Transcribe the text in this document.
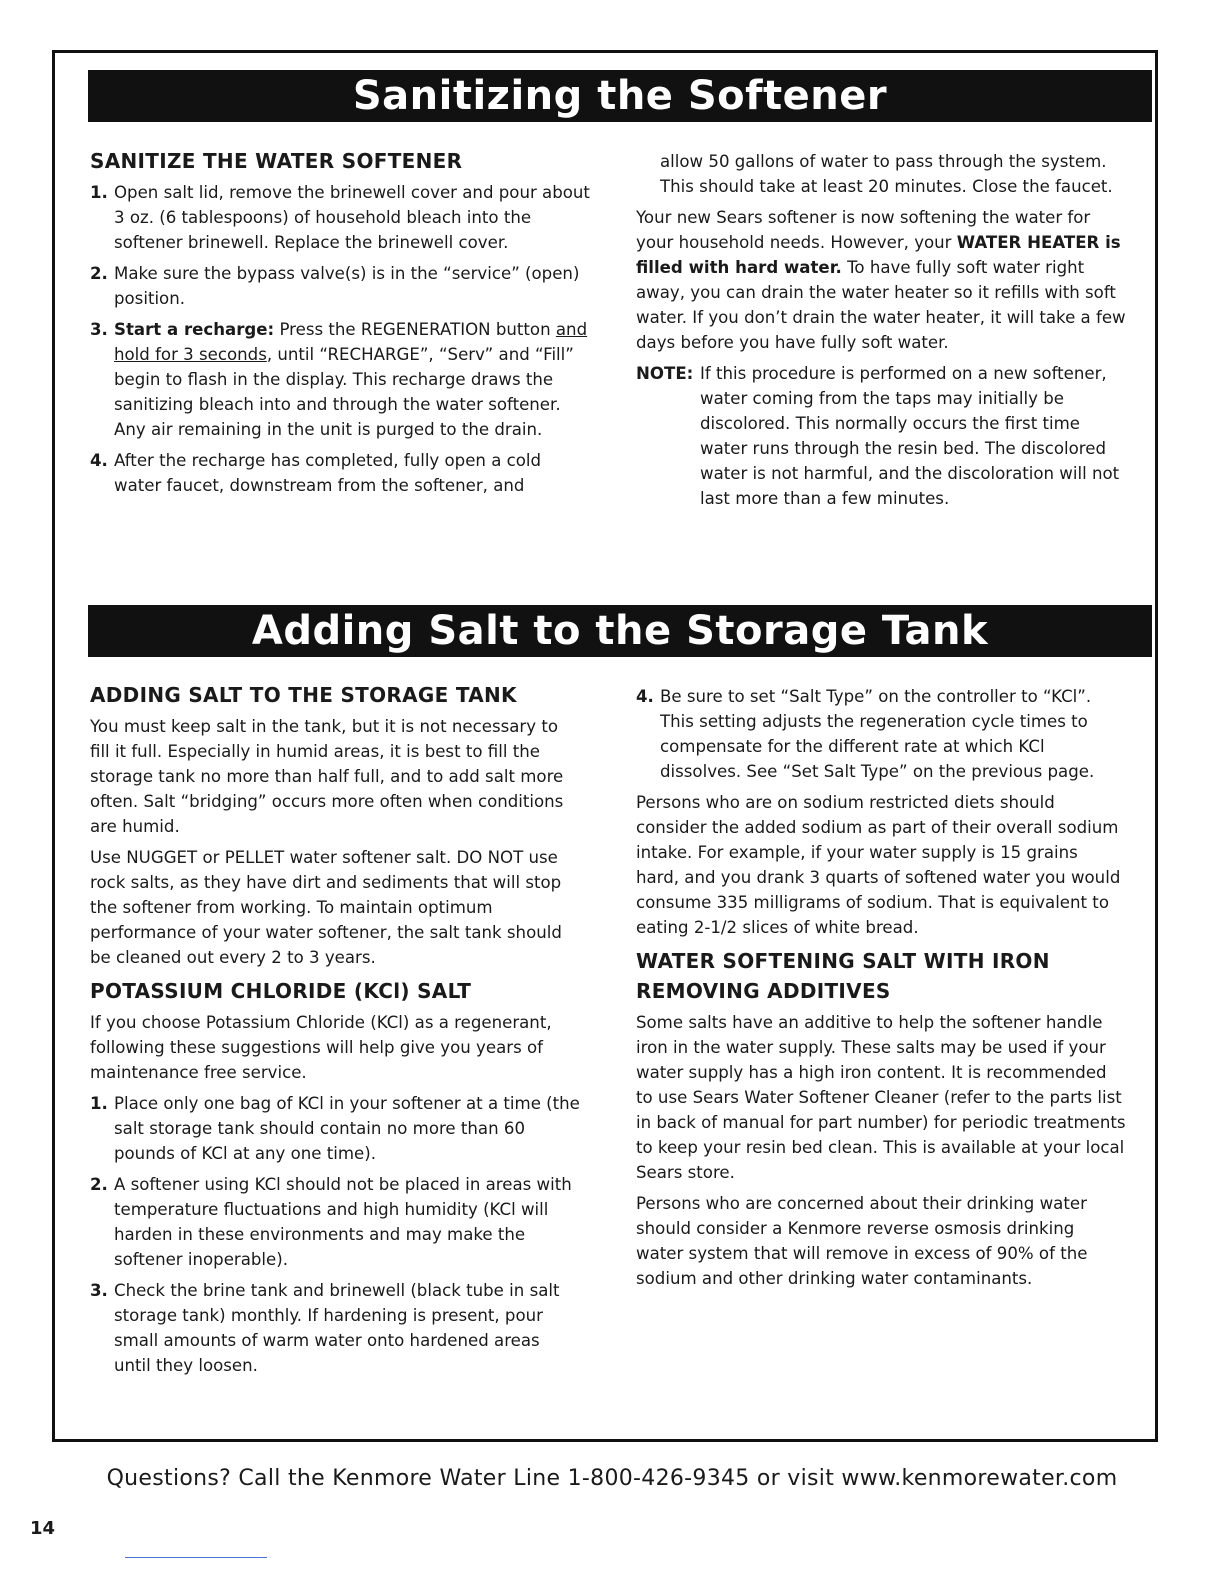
Sanitizing the Softener
SANITIZE THE WATER SOFTENER
1. Open salt lid, remove the brinewell cover and pour about 3 oz. (6 tablespoons) of household bleach into the softener brinewell. Replace the brinewell cover.
2. Make sure the bypass valve(s) is in the “service” (open) position.
3. Start a recharge: Press the REGENERATION button and hold for 3 seconds, until “RECHARGE”, “Serv” and “Fill” begin to flash in the display. This recharge draws the sanitizing bleach into and through the water softener. Any air remaining in the unit is purged to the drain.
4. After the recharge has completed, fully open a cold water faucet, downstream from the softener, and

allow 50 gallons of water to pass through the system. This should take at least 20 minutes. Close the faucet.

Your new Sears softener is now softening the water for your household needs. However, your WATER HEATER is filled with hard water. To have fully soft water right away, you can drain the water heater so it refills with soft water. If you don’t drain the water heater, it will take a few days before you have fully soft water.

NOTE: If this procedure is performed on a new softener, water coming from the taps may initially be discolored. This normally occurs the first time water runs through the resin bed. The discolored water is not harmful, and the discoloration will not last more than a few minutes.
Adding Salt to the Storage Tank
ADDING SALT TO THE STORAGE TANK

You must keep salt in the tank, but it is not necessary to fill it full. Especially in humid areas, it is best to fill the storage tank no more than half full, and to add salt more often. Salt “bridging” occurs more often when conditions are humid.

Use NUGGET or PELLET water softener salt. DO NOT use rock salts, as they have dirt and sediments that will stop the softener from working. To maintain optimum performance of your water softener, the salt tank should be cleaned out every 2 to 3 years.

POTASSIUM CHLORIDE (KCl) SALT

If you choose Potassium Chloride (KCl) as a regenerant, following these suggestions will help give you years of maintenance free service.

1. Place only one bag of KCl in your softener at a time (the salt storage tank should contain no more than 60 pounds of KCl at any one time).
2. A softener using KCl should not be placed in areas with temperature fluctuations and high humidity (KCl will harden in these environments and may make the softener inoperable).
3. Check the brine tank and brinewell (black tube in salt storage tank) monthly. If hardening is present, pour small amounts of warm water onto hardened areas until they loosen.
4. Be sure to set “Salt Type” on the controller to “KCl”. This setting adjusts the regeneration cycle times to compensate for the different rate at which KCl dissolves. See “Set Salt Type” on the previous page.

Persons who are on sodium restricted diets should consider the added sodium as part of their overall sodium intake. For example, if your water supply is 15 grains hard, and you drank 3 quarts of softened water you would consume 335 milligrams of sodium. That is equivalent to eating 2-1/2 slices of white bread.

WATER SOFTENING SALT WITH IRON REMOVING ADDITIVES

Some salts have an additive to help the softener handle iron in the water supply. These salts may be used if your water supply has a high iron content. It is recommended to use Sears Water Softener Cleaner (refer to the parts list in back of manual for part number) for periodic treatments to keep your resin bed clean. This is available at your local Sears store.

Persons who are concerned about their drinking water should consider a Kenmore reverse osmosis drinking water system that will remove in excess of 90% of the sodium and other drinking water contaminants.

Questions? Call the Kenmore Water Line 1-800-426-9345 or visit www.kenmorewater.com
14
